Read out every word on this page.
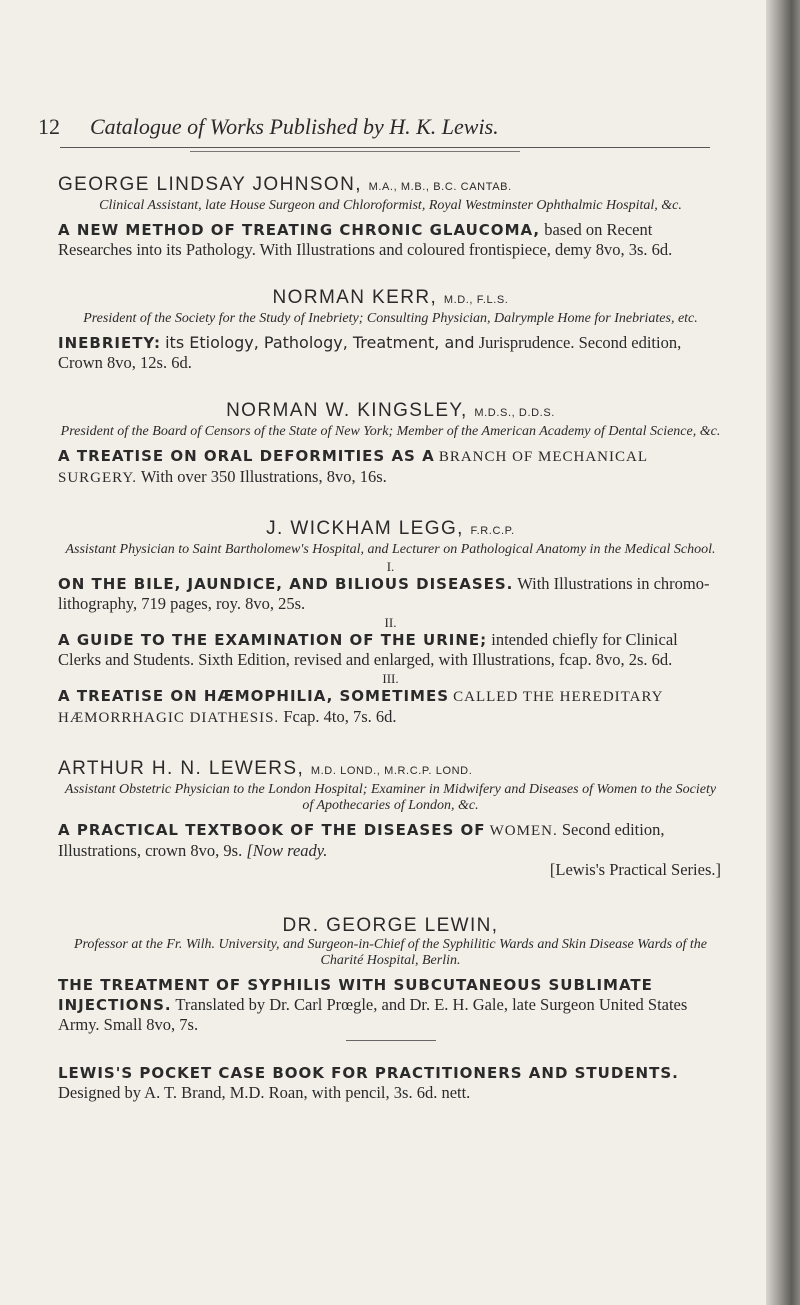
12 Catalogue of Works Published by H. K. Lewis.
GEORGE LINDSAY JOHNSON, M.A., M.B., B.C. CANTAB.
Clinical Assistant, late House Surgeon and Chloroformist, Royal Westminster Ophthalmic Hospital, &c.
A NEW METHOD OF TREATING CHRONIC GLAUCOMA, based on Recent Researches into its Pathology. With Illustrations and coloured frontispiece, demy 8vo, 3s. 6d.
NORMAN KERR, M.D., F.L.S.
President of the Society for the Study of Inebriety; Consulting Physician, Dalrymple Home for Inebriates, etc.
INEBRIETY: its Etiology, Pathology, Treatment, and Jurisprudence. Second edition, Crown 8vo, 12s. 6d.
NORMAN W. KINGSLEY, M.D.S., D.D.S.
President of the Board of Censors of the State of New York; Member of the American Academy of Dental Science, &c.
A TREATISE ON ORAL DEFORMITIES AS A BRANCH OF MECHANICAL SURGERY. With over 350 Illustrations, 8vo, 16s.
J. WICKHAM LEGG, F.R.C.P.
Assistant Physician to Saint Bartholomew's Hospital, and Lecturer on Pathological Anatomy in the Medical School.
I.
ON THE BILE, JAUNDICE, AND BILIOUS DISEASES. With Illustrations in chromo-lithography, 719 pages, roy. 8vo, 25s.
II.
A GUIDE TO THE EXAMINATION OF THE URINE; intended chiefly for Clinical Clerks and Students. Sixth Edition, revised and enlarged, with Illustrations, fcap. 8vo, 2s. 6d.
III.
A TREATISE ON HÆMOPHILIA, SOMETIMES CALLED THE HEREDITARY HÆMORRHAGIC DIATHESIS. Fcap. 4to, 7s. 6d.
ARTHUR H. N. LEWERS, M.D. LOND., M.R.C.P. LOND.
Assistant Obstetric Physician to the London Hospital; Examiner in Midwifery and Diseases of Women to the Society of Apothecaries of London, &c.
A PRACTICAL TEXTBOOK OF THE DISEASES OF WOMEN. Second edition, Illustrations, crown 8vo, 9s. [Now ready.
[Lewis's Practical Series.]
DR. GEORGE LEWIN,
Professor at the Fr. Wilh. University, and Surgeon-in-Chief of the Syphilitic Wards and Skin Disease Wards of the Charité Hospital, Berlin.
THE TREATMENT OF SYPHILIS WITH SUBCUTANEOUS SUBLIMATE INJECTIONS. Translated by Dr. Carl Prœgle, and Dr. E. H. Gale, late Surgeon United States Army. Small 8vo, 7s.
LEWIS'S POCKET CASE BOOK FOR PRACTITIONERS AND STUDENTS. Designed by A. T. Brand, M.D. Roan, with pencil, 3s. 6d. nett.
